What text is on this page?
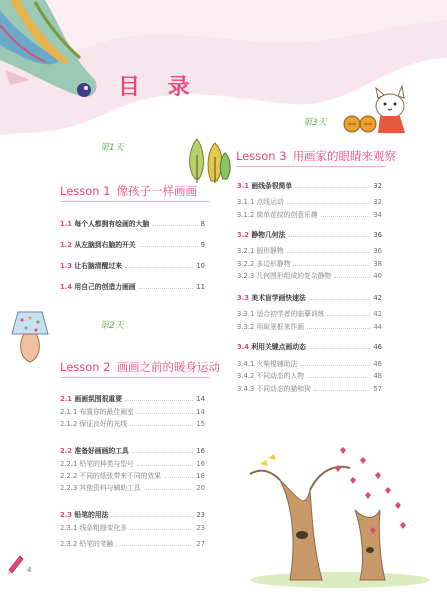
目 录
第1天
Lesson 1 像孩子一样画画
1.1 每个人都拥有绘画的大脑	8
1.2 从左脑到右脑的开关	9
1.3 让右脑清醒过来	10
1.4 用自己的创造力画画	11
第2天
Lesson 2 画画之前的暖身运动
2.1 画画氛围很重要	14
2.1.1 布置你的最佳画室	14
2.1.2 保证良好的光线	15
2.2 准备好画画的工具	16
2.2.1 铅笔的种类与型号	16
2.2.2 不同的纸张带来不同的效果	18
2.2.3 其他资料与辅助工具	20
2.3 铅笔的用法	23
2.3.1 线条粗细变化多	23
2.3.2 铅笔的笔触	27
第3天
Lesson 3 用画家的眼睛来观察
3.1 画线条很简单	32
3.1.1 点线运动	32
3.1.2 简单花纹的创意乐趣	34
3.2 静物几何法	36
3.2.1 圆形静物	36
3.2.2 多边形静物	38
3.2.3 几何图形组成的复杂静物	40
3.3 美术盲学画快速法	42
3.3.1 适合初学者的临摹训练	42
3.3.2 用取景框来作画	44
3.4 利用关键点画动态	46
3.4.1 火柴棍辅助法	46
3.4.2 不同动态的人物	48
3.4.3 不同动态的猫和狗	57
4
